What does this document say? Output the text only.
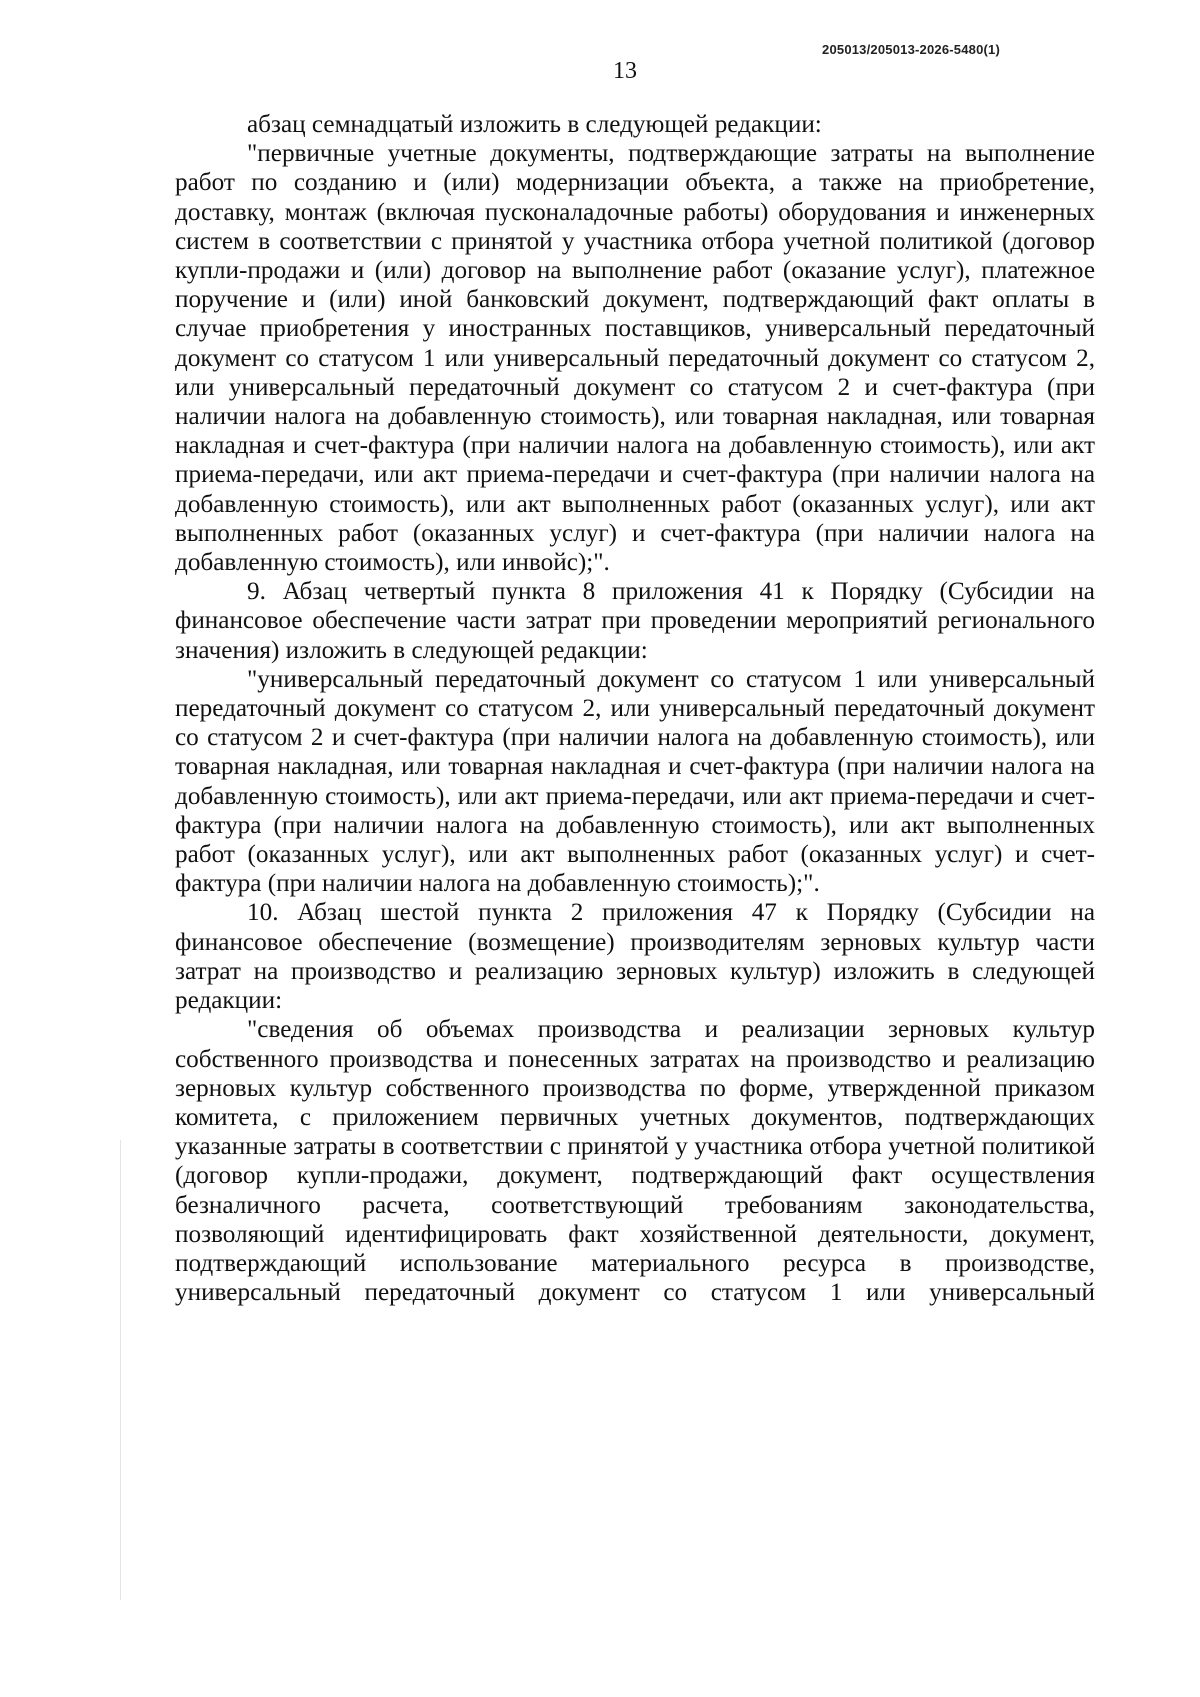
205013/205013-2026-5480(1)
13

абзац семнадцатый изложить в следующей редакции:

"первичные учетные документы, подтверждающие затраты на выполнение работ по созданию и (или) модернизации объекта, а также на приобретение, доставку, монтаж (включая пусконаладочные работы) оборудования и инженерных систем в соответствии с принятой у участника отбора учетной политикой (договор купли-продажи и (или) договор на выполнение работ (оказание услуг), платежное поручение и (или) иной банковский документ, подтверждающий факт оплаты в случае приобретения у иностранных поставщиков, универсальный передаточный документ со статусом 1 или универсальный передаточный документ со статусом 2, или универсальный передаточный документ со статусом 2 и счет-фактура (при наличии налога на добавленную стоимость), или товарная накладная, или товарная накладная и счет-фактура (при наличии налога на добавленную стоимость), или акт приема-передачи, или акт приема-передачи и счет-фактура (при наличии налога на добавленную стоимость), или акт выполненных работ (оказанных услуг), или акт выполненных работ (оказанных услуг) и счет-фактура (при наличии налога на добавленную стоимость), или инвойс);".

9. Абзац четвертый пункта 8 приложения 41 к Порядку (Субсидии на финансовое обеспечение части затрат при проведении мероприятий регионального значения) изложить в следующей редакции:

"универсальный передаточный документ со статусом 1 или универсальный передаточный документ со статусом 2, или универсальный передаточный документ со статусом 2 и счет-фактура (при наличии налога на добавленную стоимость), или товарная накладная, или товарная накладная и счет-фактура (при наличии налога на добавленную стоимость), или акт приема-передачи, или акт приема-передачи и счет-фактура (при наличии налога на добавленную стоимость), или акт выполненных работ (оказанных услуг), или акт выполненных работ (оказанных услуг) и счет-фактура (при наличии налога на добавленную стоимость);".

10. Абзац шестой пункта 2 приложения 47 к Порядку (Субсидии на финансовое обеспечение (возмещение) производителям зерновых культур части затрат на производство и реализацию зерновых культур) изложить в следующей редакции:

"сведения об объемах производства и реализации зерновых культур собственного производства и понесенных затратах на производство и реализацию зерновых культур собственного производства по форме, утвержденной приказом комитета, с приложением первичных учетных документов, подтверждающих указанные затраты в соответствии с принятой у участника отбора учетной политикой (договор купли-продажи, документ, подтверждающий факт осуществления безналичного расчета, соответствующий требованиям законодательства, позволяющий идентифицировать факт хозяйственной деятельности, документ, подтверждающий использование материального ресурса в производстве, универсальный передаточный документ со статусом 1 или универсальный
